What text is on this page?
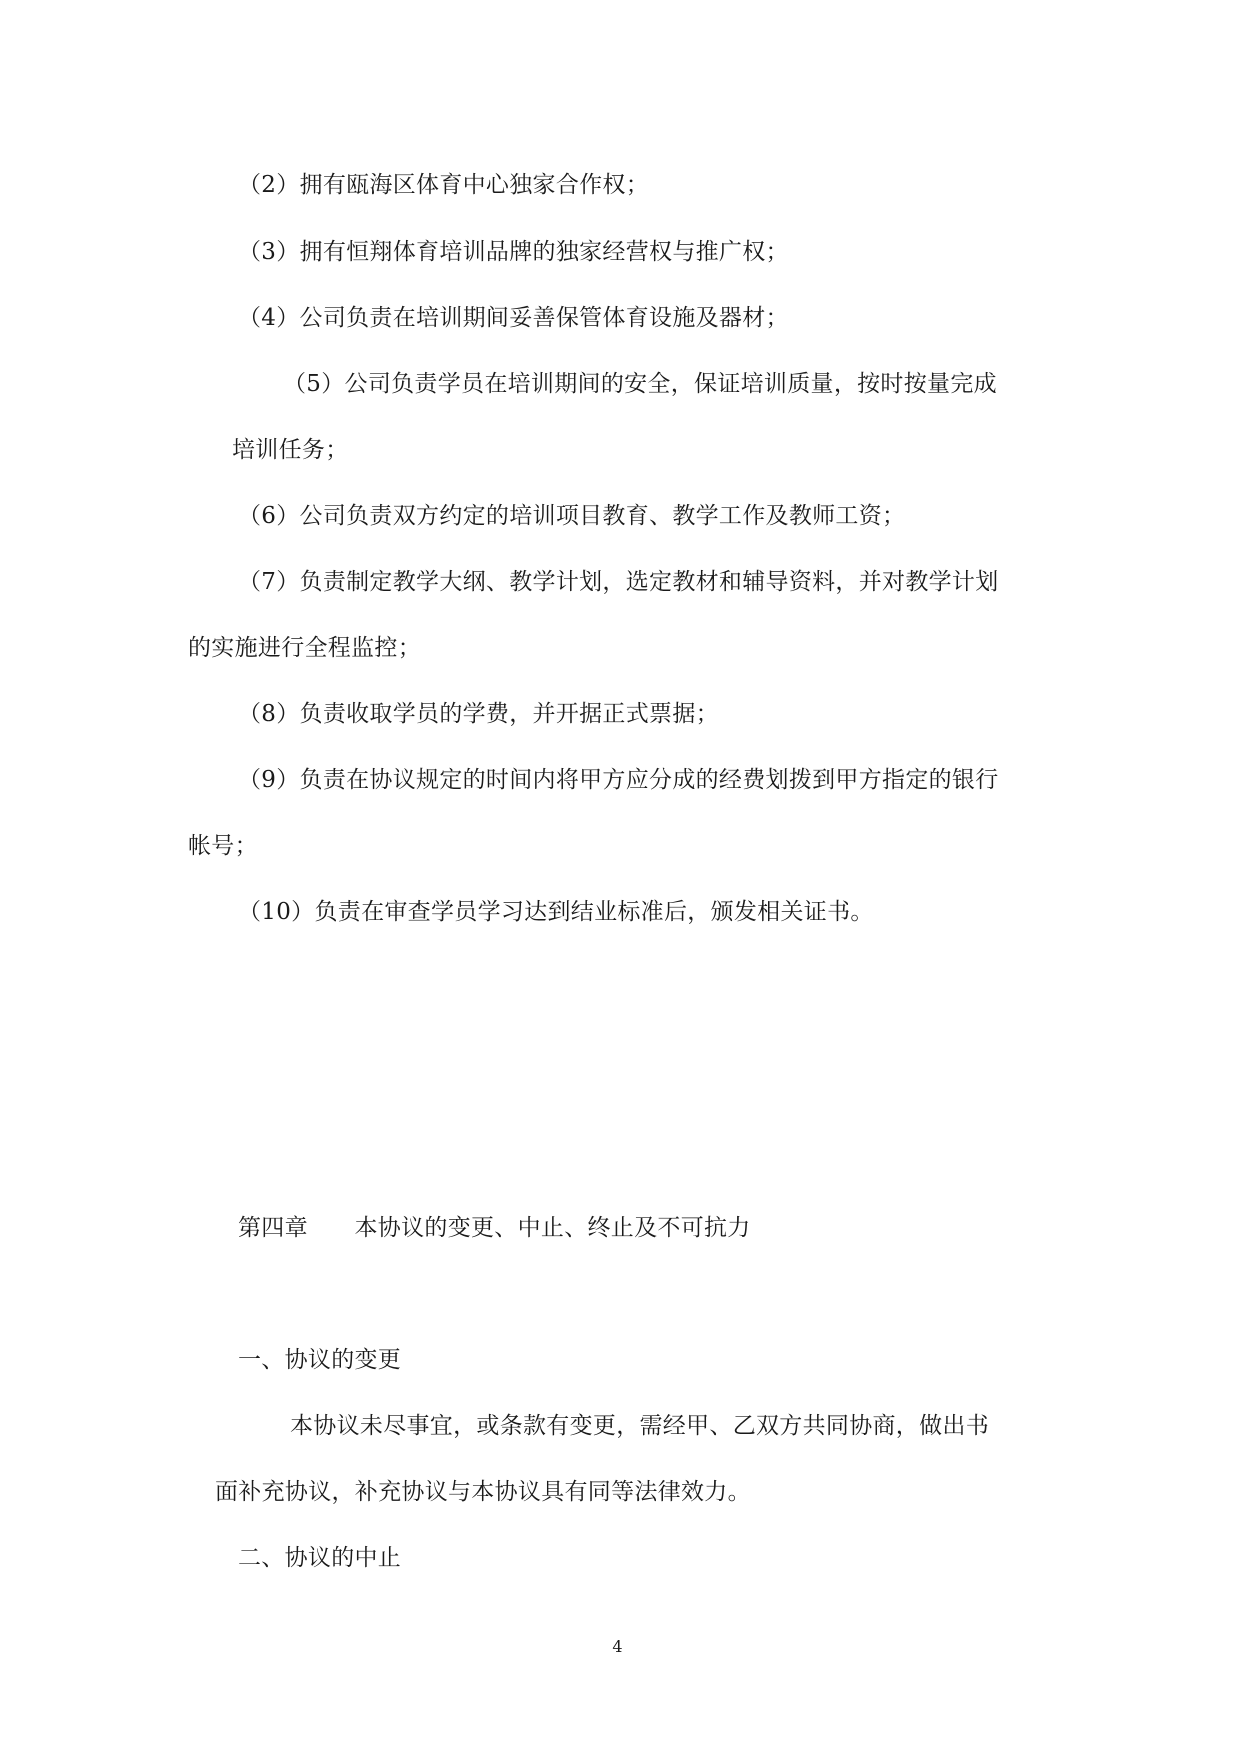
（2）拥有瓯海区体育中心独家合作权；
（3）拥有恒翔体育培训品牌的独家经营权与推广权；
（4）公司负责在培训期间妥善保管体育设施及器材；
（5）公司负责学员在培训期间的安全，保证培训质量，按时按量完成
培训任务；
（6）公司负责双方约定的培训项目教育、教学工作及教师工资；
（7）负责制定教学大纲、教学计划，选定教材和辅导资料，并对教学计划
的实施进行全程监控；
（8）负责收取学员的学费，并开据正式票据；
（9）负责在协议规定的时间内将甲方应分成的经费划拨到甲方指定的银行
帐号；
（10）负责在审查学员学习达到结业标准后，颁发相关证书。
第四章　　本协议的变更、中止、终止及不可抗力
一、协议的变更
本协议未尽事宜，或条款有变更，需经甲、乙双方共同协商，做出书
面补充协议，补充协议与本协议具有同等法律效力。
二、协议的中止
4
